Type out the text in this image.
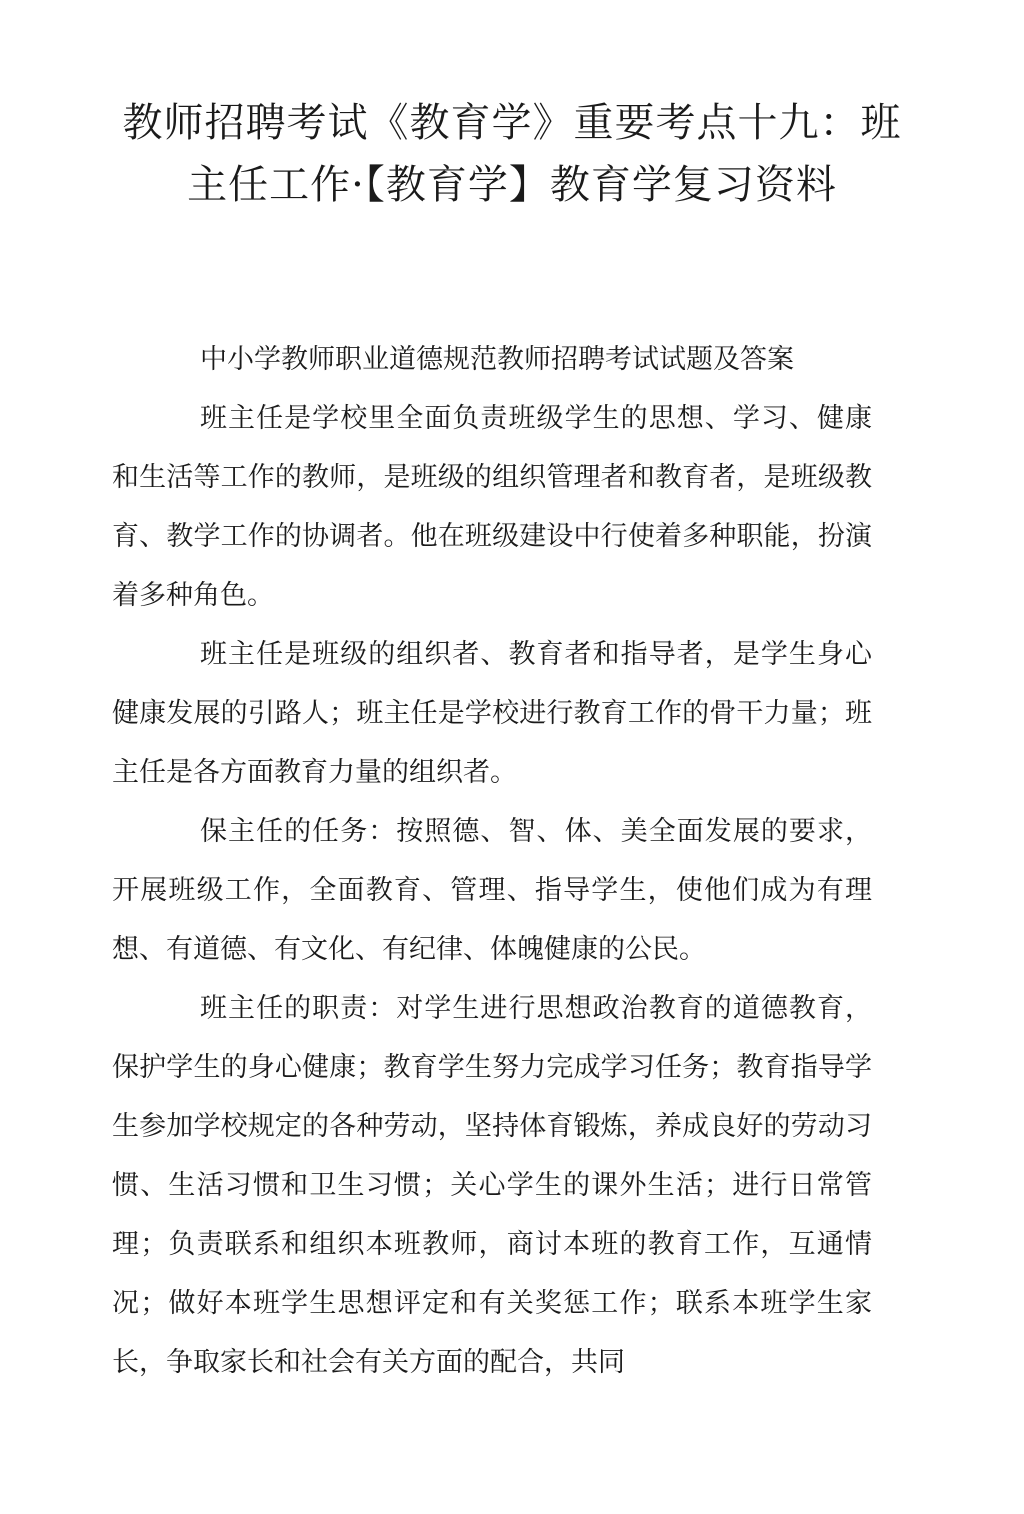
教师招聘考试《教育学》重要考点十九：班
主任工作·【教育学】教育学复习资料

中小学教师职业道德规范教师招聘考试试题及答案

班主任是学校里全面负责班级学生的思想、学习、健康和生活等工作的教师，是班级的组织管理者和教育者，是班级教育、教学工作的协调者。他在班级建设中行使着多种职能，扮演着多种角色。

班主任是班级的组织者、教育者和指导者，是学生身心健康发展的引路人；班主任是学校进行教育工作的骨干力量；班主任是各方面教育力量的组织者。

保主任的任务：按照德、智、体、美全面发展的要求，开展班级工作，全面教育、管理、指导学生，使他们成为有理想、有道德、有文化、有纪律、体魄健康的公民。

班主任的职责：对学生进行思想政治教育的道德教育，保护学生的身心健康；教育学生努力完成学习任务；教育指导学生参加学校规定的各种劳动，坚持体育锻炼，养成良好的劳动习惯、生活习惯和卫生习惯；关心学生的课外生活；进行日常管理；负责联系和组织本班教师，商讨本班的教育工作，互通情况；做好本班学生思想评定和有关奖惩工作；联系本班学生家长，争取家长和社会有关方面的配合，共同
